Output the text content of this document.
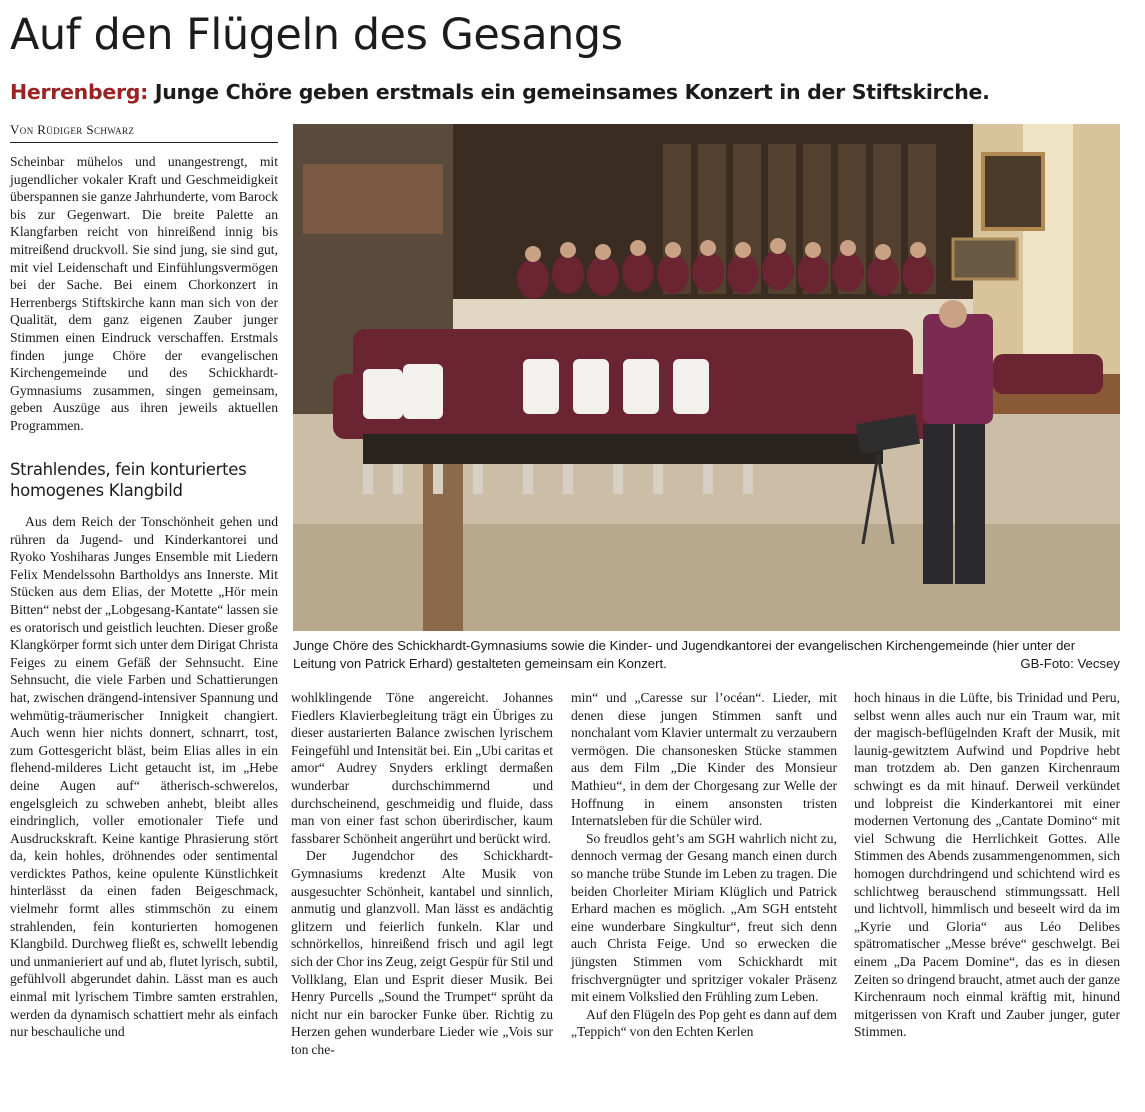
Auf den Flügeln des Gesangs
Herrenberg: Junge Chöre geben erstmals ein gemeinsames Konzert in der Stiftskirche.
Von Rüdiger Schwarz

Scheinbar mühelos und unangestrengt, mit jugendlicher vokaler Kraft und Geschmeidigkeit überspannen sie ganze Jahrhunderte, vom Barock bis zur Gegenwart. Die breite Palette an Klangfarben reicht von hinreißend innig bis mitreißend druckvoll. Sie sind jung, sie sind gut, mit viel Leidenschaft und Einfühlungsvermögen bei der Sache. Bei einem Chorkonzert in Herrenbergs Stiftskirche kann man sich von der Qualität, dem ganz eigenen Zauber junger Stimmen einen Eindruck verschaffen. Erstmals finden junge Chöre der evangelischen Kirchengemeinde und des Schickhardt-Gymnasiums zusammen, singen gemeinsam, geben Auszüge aus ihren jeweils aktuellen Programmen.

Strahlendes, fein konturiertes homogenes Klangbild

Aus dem Reich der Tonschönheit gehen und rühren da Jugend- und Kinderkantorei und Ryoko Yoshiharas Junges Ensemble mit Liedern Felix Mendelssohn Bartholdys ans Innerste. Mit Stücken aus dem Elias, der Motette „Hör mein Bitten“ nebst der „Lobgesang-Kantate“ lassen sie es oratorisch und geistlich leuchten. Dieser große Klangkörper formt sich unter dem Dirigat Christa Feiges zu einem Gefäß der Sehnsucht. Eine Sehnsucht, die viele Farben und Schattierungen hat, zwischen drängend-intensiver Spannung und wehmütig-träumerischer Innigkeit changiert. Auch wenn hier nichts donnert, schnarrt, tost, zum Gottesgericht bläst, beim Elias alles in ein flehend-milderes Licht getaucht ist, im „Hebe deine Augen auf“ ätherisch-schwerelos, engelsgleich zu schweben anhebt, bleibt alles eindringlich, voller emotionaler Tiefe und Ausdruckskraft. Keine kantige Phrasierung stört da, kein hohles, dröhnendes oder sentimental verdicktes Pathos, keine opulente Künstlichkeit hinterlässt da einen faden Beigeschmack, vielmehr formt alles stimmschön zu einem strahlenden, fein konturierten homogenen Klangbild. Durchweg fließt es, schwellt lebendig und unmanieriert auf und ab, flutet lyrisch, subtil, gefühlvoll abgerundet dahin. Lässt man es auch einmal mit lyrischem Timbre samten erstrahlen, werden da dynamisch schattiert mehr als einfach nur beschauliche und

Junge Chöre des Schickhardt-Gymnasiums sowie die Kinder- und Jugendkantorei der evangelischen Kirchengemeinde (hier unter der Leitung von Patrick Erhard) gestalteten gemeinsam ein Konzert.	GB-Foto: Vecsey

wohlklingende Töne angereicht. Johannes Fiedlers Klavierbegleitung trägt ein Übriges zu dieser austarierten Balance zwischen lyrischem Feingefühl und Intensität bei. Ein „Ubi caritas et amor“ Audrey Snyders erklingt dermaßen wunderbar durchschimmernd und durchscheinend, geschmeidig und fluide, dass man von einer fast schon überirdischer, kaum fassbarer Schönheit angerührt und berückt wird.

Der Jugendchor des Schickhardt-Gymnasiums kredenzt Alte Musik von ausgesuchter Schönheit, kantabel und sinnlich, anmutig und glanzvoll. Man lässt es andächtig glitzern und feierlich funkeln. Klar und schnörkellos, hinreißend frisch und agil legt sich der Chor ins Zeug, zeigt Gespür für Stil und Vollklang, Elan und Esprit dieser Musik. Bei Henry Purcells „Sound the Trumpet“ sprüht da nicht nur ein barocker Funke über. Richtig zu Herzen gehen wunderbare Lieder wie „Vois sur ton che-

min“ und „Caresse sur l’océan“. Lieder, mit denen diese jungen Stimmen sanft und nonchalant vom Klavier untermalt zu verzaubern vermögen. Die chansonesken Stücke stammen aus dem Film „Die Kinder des Monsieur Mathieu“, in dem der Chorgesang zur Welle der Hoffnung in einem ansonsten tristen Internatsleben für die Schüler wird.

So freudlos geht’s am SGH wahrlich nicht zu, dennoch vermag der Gesang manch einen durch so manche trübe Stunde im Leben zu tragen. Die beiden Chorleiter Miriam Klüglich und Patrick Erhard machen es möglich. „Am SGH entsteht eine wunderbare Singkultur“, freut sich denn auch Christa Feige. Und so erwecken die jüngsten Stimmen vom Schickhardt mit frischvergnügter und spritziger vokaler Präsenz mit einem Volkslied den Frühling zum Leben.

Auf den Flügeln des Pop geht es dann auf dem „Teppich“ von den Echten Kerlen

hoch hinaus in die Lüfte, bis Trinidad und Peru, selbst wenn alles auch nur ein Traum war, mit der magisch-beflügelnden Kraft der Musik, mit launig-gewitztem Aufwind und Popdrive hebt man trotzdem ab. Den ganzen Kirchenraum schwingt es da mit hinauf. Derweil verkündet und lobpreist die Kinderkantorei mit einer modernen Vertonung des „Cantate Domino“ mit viel Schwung die Herrlichkeit Gottes. Alle Stimmen des Abends zusammengenommen, sich homogen durchdringend und schichtend wird es schlichtweg berauschend stimmungssatt. Hell und lichtvoll, himmlisch und beseelt wird da im „Kyrie und Gloria“ aus Léo Delibes spätromatischer „Messe bréve“ geschwelgt. Bei einem „Da Pacem Domine“, das es in diesen Zeiten so dringend braucht, atmet auch der ganze Kirchenraum noch einmal kräftig mit, hinund mitgerissen von Kraft und Zauber junger, guter Stimmen.
